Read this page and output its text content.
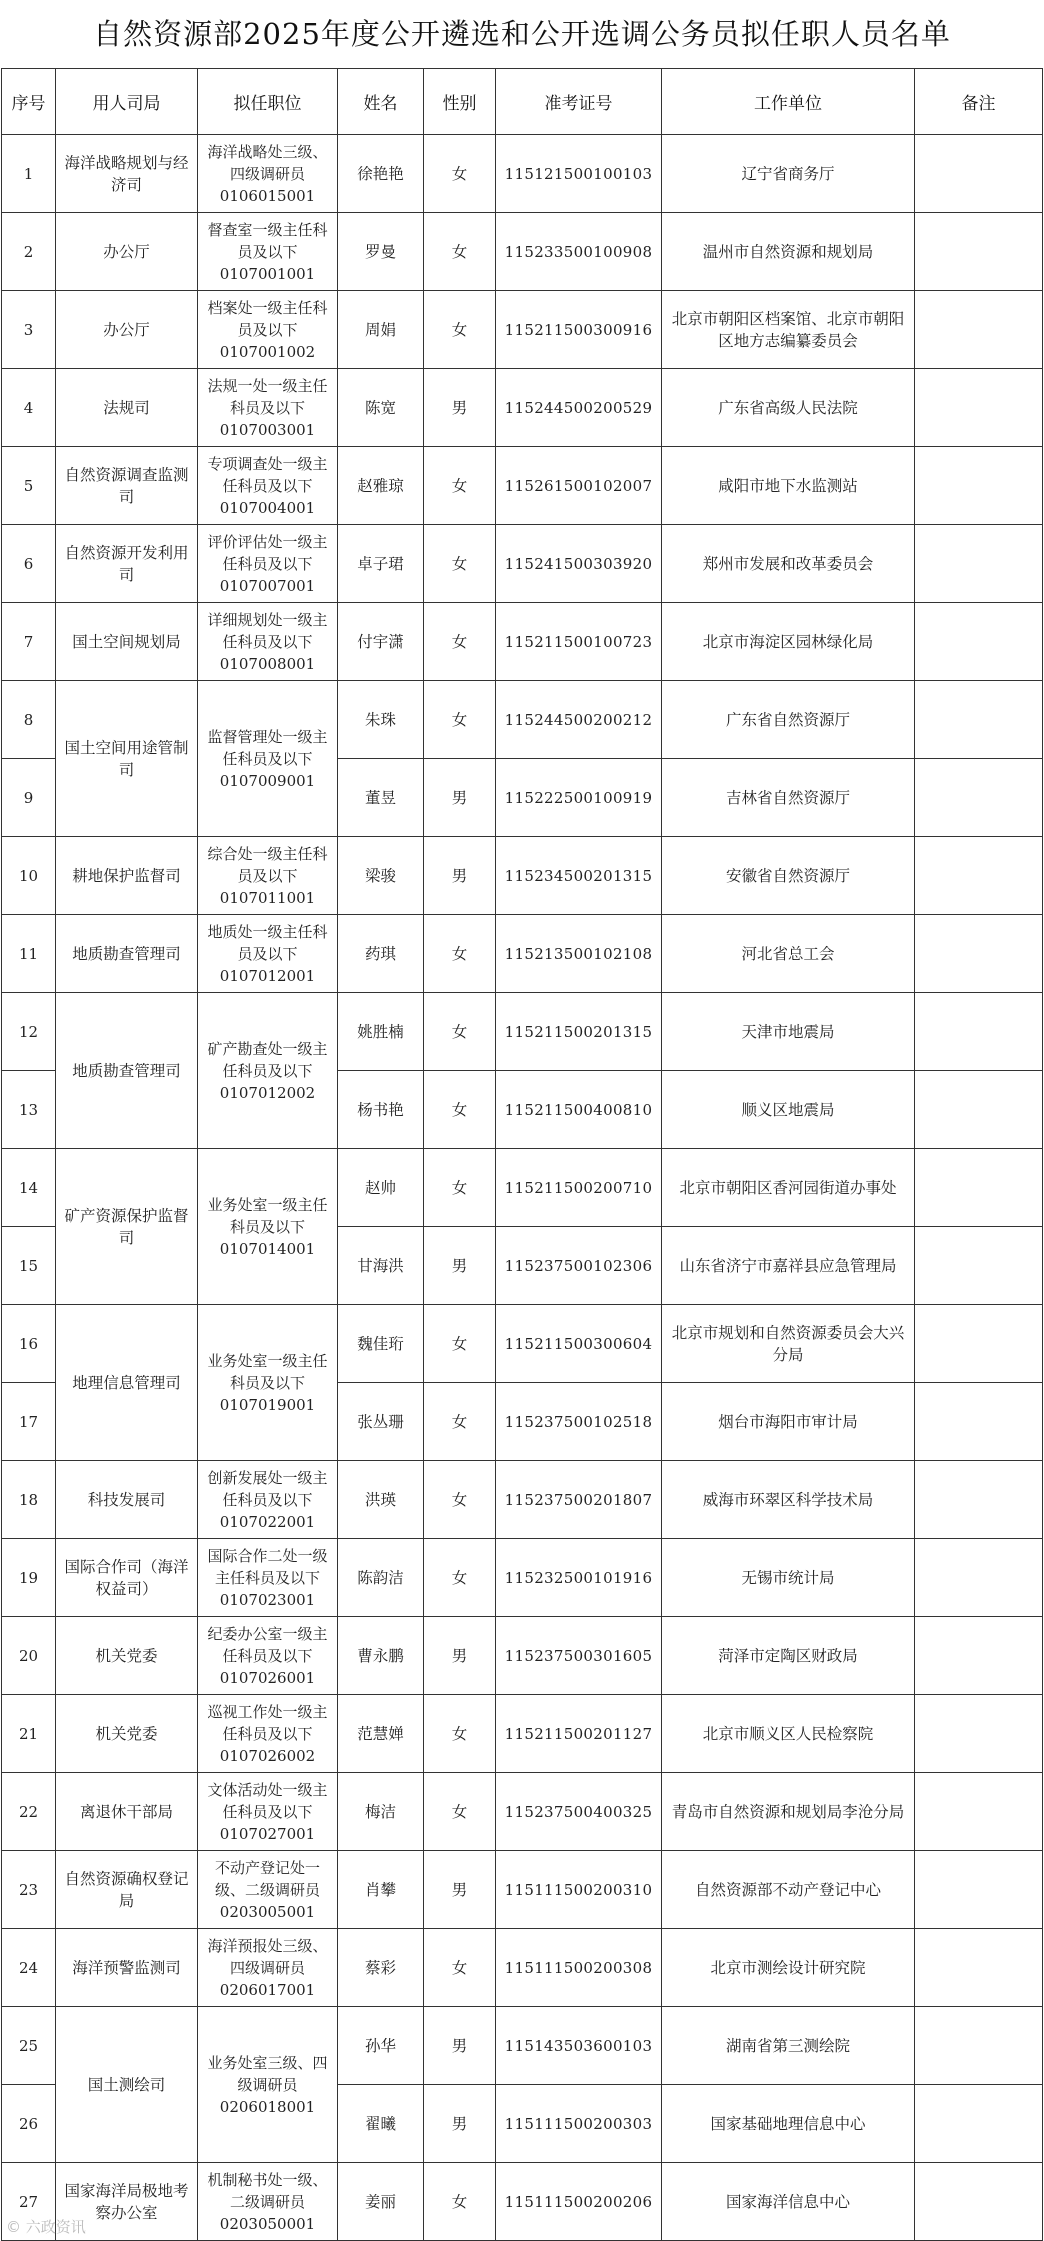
自然资源部2025年度公开遴选和公开选调公务员拟任职人员名单
序号	用人司局	拟任职位	姓名	性别	准考证号	工作单位	备注
1	海洋战略规划与经济司	海洋战略处三级、四级调研员0106015001	徐艳艳	女	115121500100103	辽宁省商务厅	
2	办公厅	督查室一级主任科员及以下0107001001	罗曼	女	115233500100908	温州市自然资源和规划局	
3	办公厅	档案处一级主任科员及以下0107001002	周娟	女	115211500300916	北京市朝阳区档案馆、北京市朝阳区地方志编纂委员会	
4	法规司	法规一处一级主任科员及以下0107003001	陈宽	男	115244500200529	广东省高级人民法院	
5	自然资源调查监测司	专项调查处一级主任科员及以下0107004001	赵雅琼	女	115261500102007	咸阳市地下水监测站	
6	自然资源开发利用司	评价评估处一级主任科员及以下0107007001	卓子珺	女	115241500303920	郑州市发展和改革委员会	
7	国土空间规划局	详细规划处一级主任科员及以下0107008001	付宇潇	女	115211500100723	北京市海淀区园林绿化局	
8	国土空间用途管制司	监督管理处一级主任科员及以下0107009001	朱珠	女	115244500200212	广东省自然资源厅	
9			董昱	男	115222500100919	吉林省自然资源厅	
10	耕地保护监督司	综合处一级主任科员及以下0107011001	梁骏	男	115234500201315	安徽省自然资源厅	
11	地质勘查管理司	地质处一级主任科员及以下0107012001	药琪	女	115213500102108	河北省总工会	
12	地质勘查管理司	矿产勘查处一级主任科员及以下0107012002	姚胜楠	女	115211500201315	天津市地震局	
13			杨书艳	女	115211500400810	顺义区地震局	
14	矿产资源保护监督司	业务处室一级主任科员及以下0107014001	赵帅	女	115211500200710	北京市朝阳区香河园街道办事处	
15			甘海洪	男	115237500102306	山东省济宁市嘉祥县应急管理局	
16	地理信息管理司	业务处室一级主任科员及以下0107019001	魏佳珩	女	115211500300604	北京市规划和自然资源委员会大兴分局	
17			张丛珊	女	115237500102518	烟台市海阳市审计局	
18	科技发展司	创新发展处一级主任科员及以下0107022001	洪瑛	女	115237500201807	威海市环翠区科学技术局	
19	国际合作司（海洋权益司）	国际合作二处一级主任科员及以下0107023001	陈韵洁	女	115232500101916	无锡市统计局	
20	机关党委	纪委办公室一级主任科员及以下0107026001	曹永鹏	男	115237500301605	菏泽市定陶区财政局	
21	机关党委	巡视工作处一级主任科员及以下0107026002	范慧婵	女	115211500201127	北京市顺义区人民检察院	
22	离退休干部局	文体活动处一级主任科员及以下0107027001	梅洁	女	115237500400325	青岛市自然资源和规划局李沧分局	
23	自然资源确权登记局	不动产登记处一级、二级调研员0203005001	肖攀	男	115111500200310	自然资源部不动产登记中心	
24	海洋预警监测司	海洋预报处三级、四级调研员0206017001	蔡彩	女	115111500200308	北京市测绘设计研究院	
25	国土测绘司	业务处室三级、四级调研员0206018001	孙华	男	115143503600103	湖南省第三测绘院	
26			翟曦	男	115111500200303	国家基础地理信息中心	
27	国家海洋局极地考察办公室	机制秘书处一级、二级调研员0203050001	姜丽	女	115111500200206	国家海洋信息中心	
© 六政资讯
